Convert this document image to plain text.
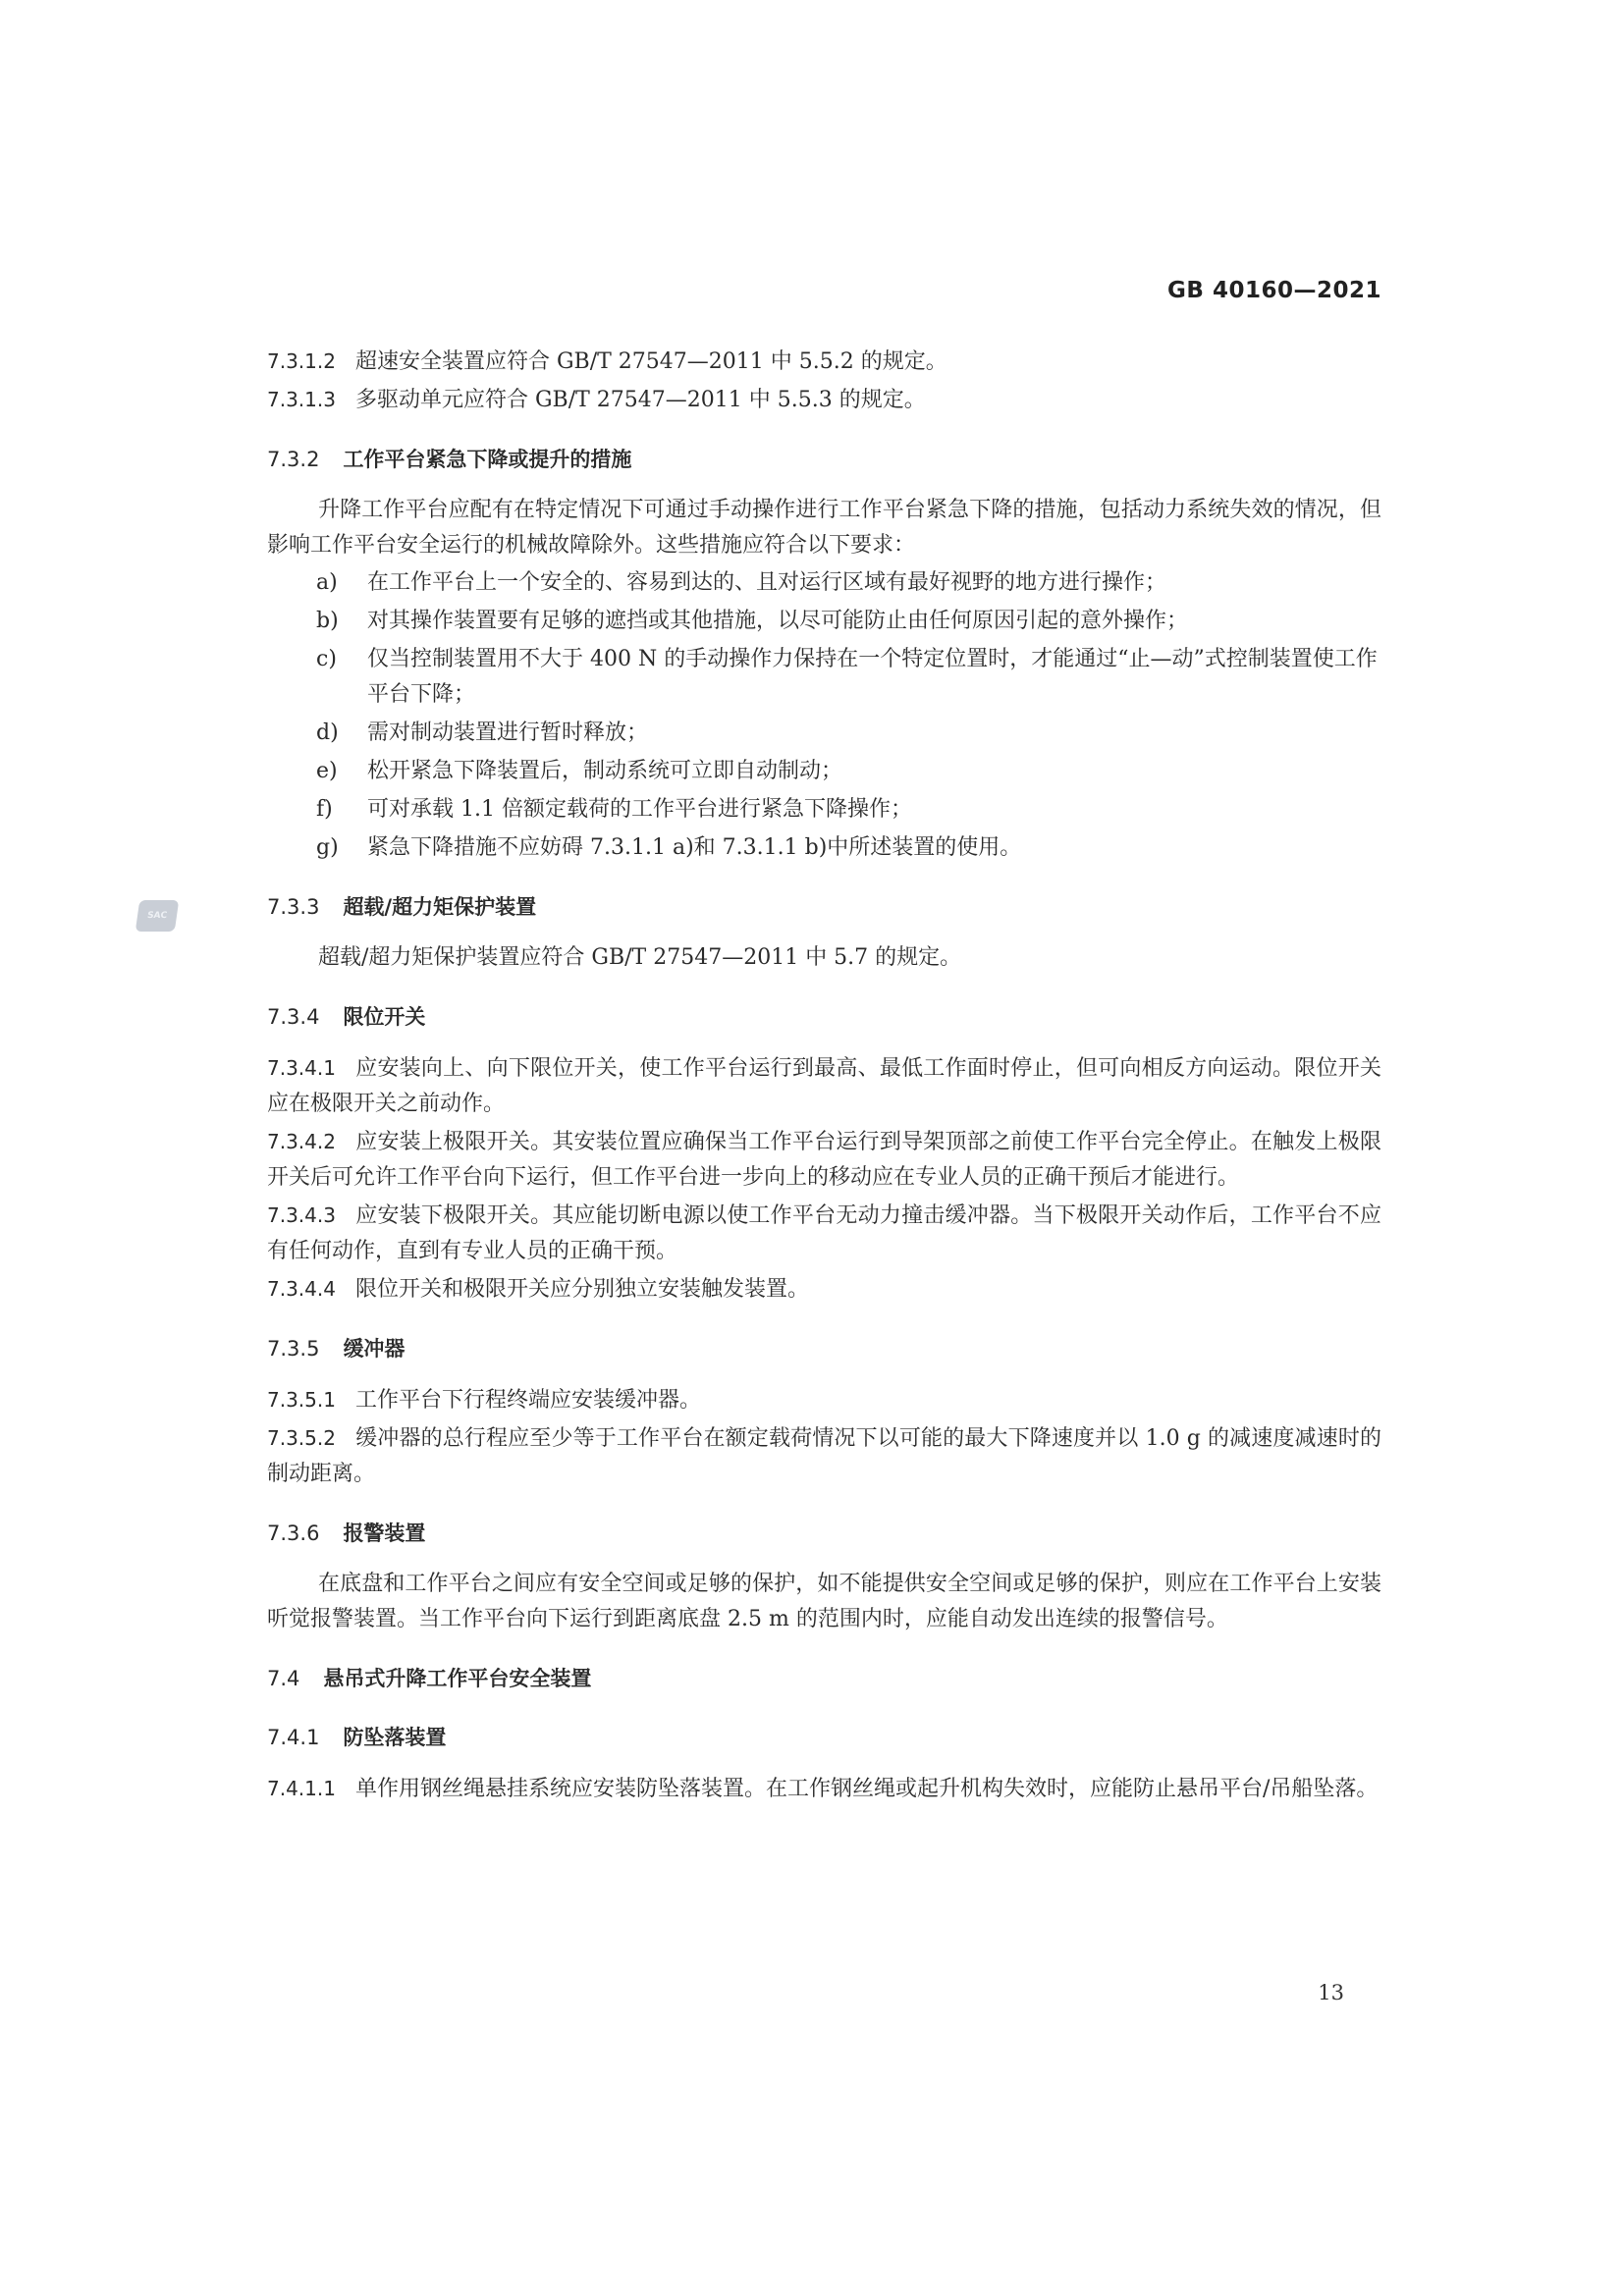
GB 40160—2021
SAC

7.3.1.2 超速安全装置应符合 GB/T 27547—2011 中 5.5.2 的规定。

7.3.1.3 多驱动单元应符合 GB/T 27547—2011 中 5.5.3 的规定。

7.3.2 工作平台紧急下降或提升的措施

升降工作平台应配有在特定情况下可通过手动操作进行工作平台紧急下降的措施，包括动力系统失效的情况，但影响工作平台安全运行的机械故障除外。这些措施应符合以下要求：

a) 在工作平台上一个安全的、容易到达的、且对运行区域有最好视野的地方进行操作；

b) 对其操作装置要有足够的遮挡或其他措施，以尽可能防止由任何原因引起的意外操作；

c) 仅当控制装置用不大于 400 N 的手动操作力保持在一个特定位置时，才能通过“止—动”式控制装置使工作平台下降；

d) 需对制动装置进行暂时释放；

e) 松开紧急下降装置后，制动系统可立即自动制动；

f) 可对承载 1.1 倍额定载荷的工作平台进行紧急下降操作；

g) 紧急下降措施不应妨碍 7.3.1.1 a)和 7.3.1.1 b)中所述装置的使用。

7.3.3 超载/超力矩保护装置

超载/超力矩保护装置应符合 GB/T 27547—2011 中 5.7 的规定。

7.3.4 限位开关

7.3.4.1 应安装向上、向下限位开关，使工作平台运行到最高、最低工作面时停止，但可向相反方向运动。限位开关应在极限开关之前动作。

7.3.4.2 应安装上极限开关。其安装位置应确保当工作平台运行到导架顶部之前使工作平台完全停止。在触发上极限开关后可允许工作平台向下运行，但工作平台进一步向上的移动应在专业人员的正确干预后才能进行。

7.3.4.3 应安装下极限开关。其应能切断电源以使工作平台无动力撞击缓冲器。当下极限开关动作后，工作平台不应有任何动作，直到有专业人员的正确干预。

7.3.4.4 限位开关和极限开关应分别独立安装触发装置。

7.3.5 缓冲器

7.3.5.1 工作平台下行程终端应安装缓冲器。

7.3.5.2 缓冲器的总行程应至少等于工作平台在额定载荷情况下以可能的最大下降速度并以 1.0 g 的减速度减速时的制动距离。

7.3.6 报警装置

在底盘和工作平台之间应有安全空间或足够的保护，如不能提供安全空间或足够的保护，则应在工作平台上安装听觉报警装置。当工作平台向下运行到距离底盘 2.5 m 的范围内时，应能自动发出连续的报警信号。

7.4 悬吊式升降工作平台安全装置
7.4.1 防坠落装置

7.4.1.1 单作用钢丝绳悬挂系统应安装防坠落装置。在工作钢丝绳或起升机构失效时，应能防止悬吊平台/吊船坠落。

13
